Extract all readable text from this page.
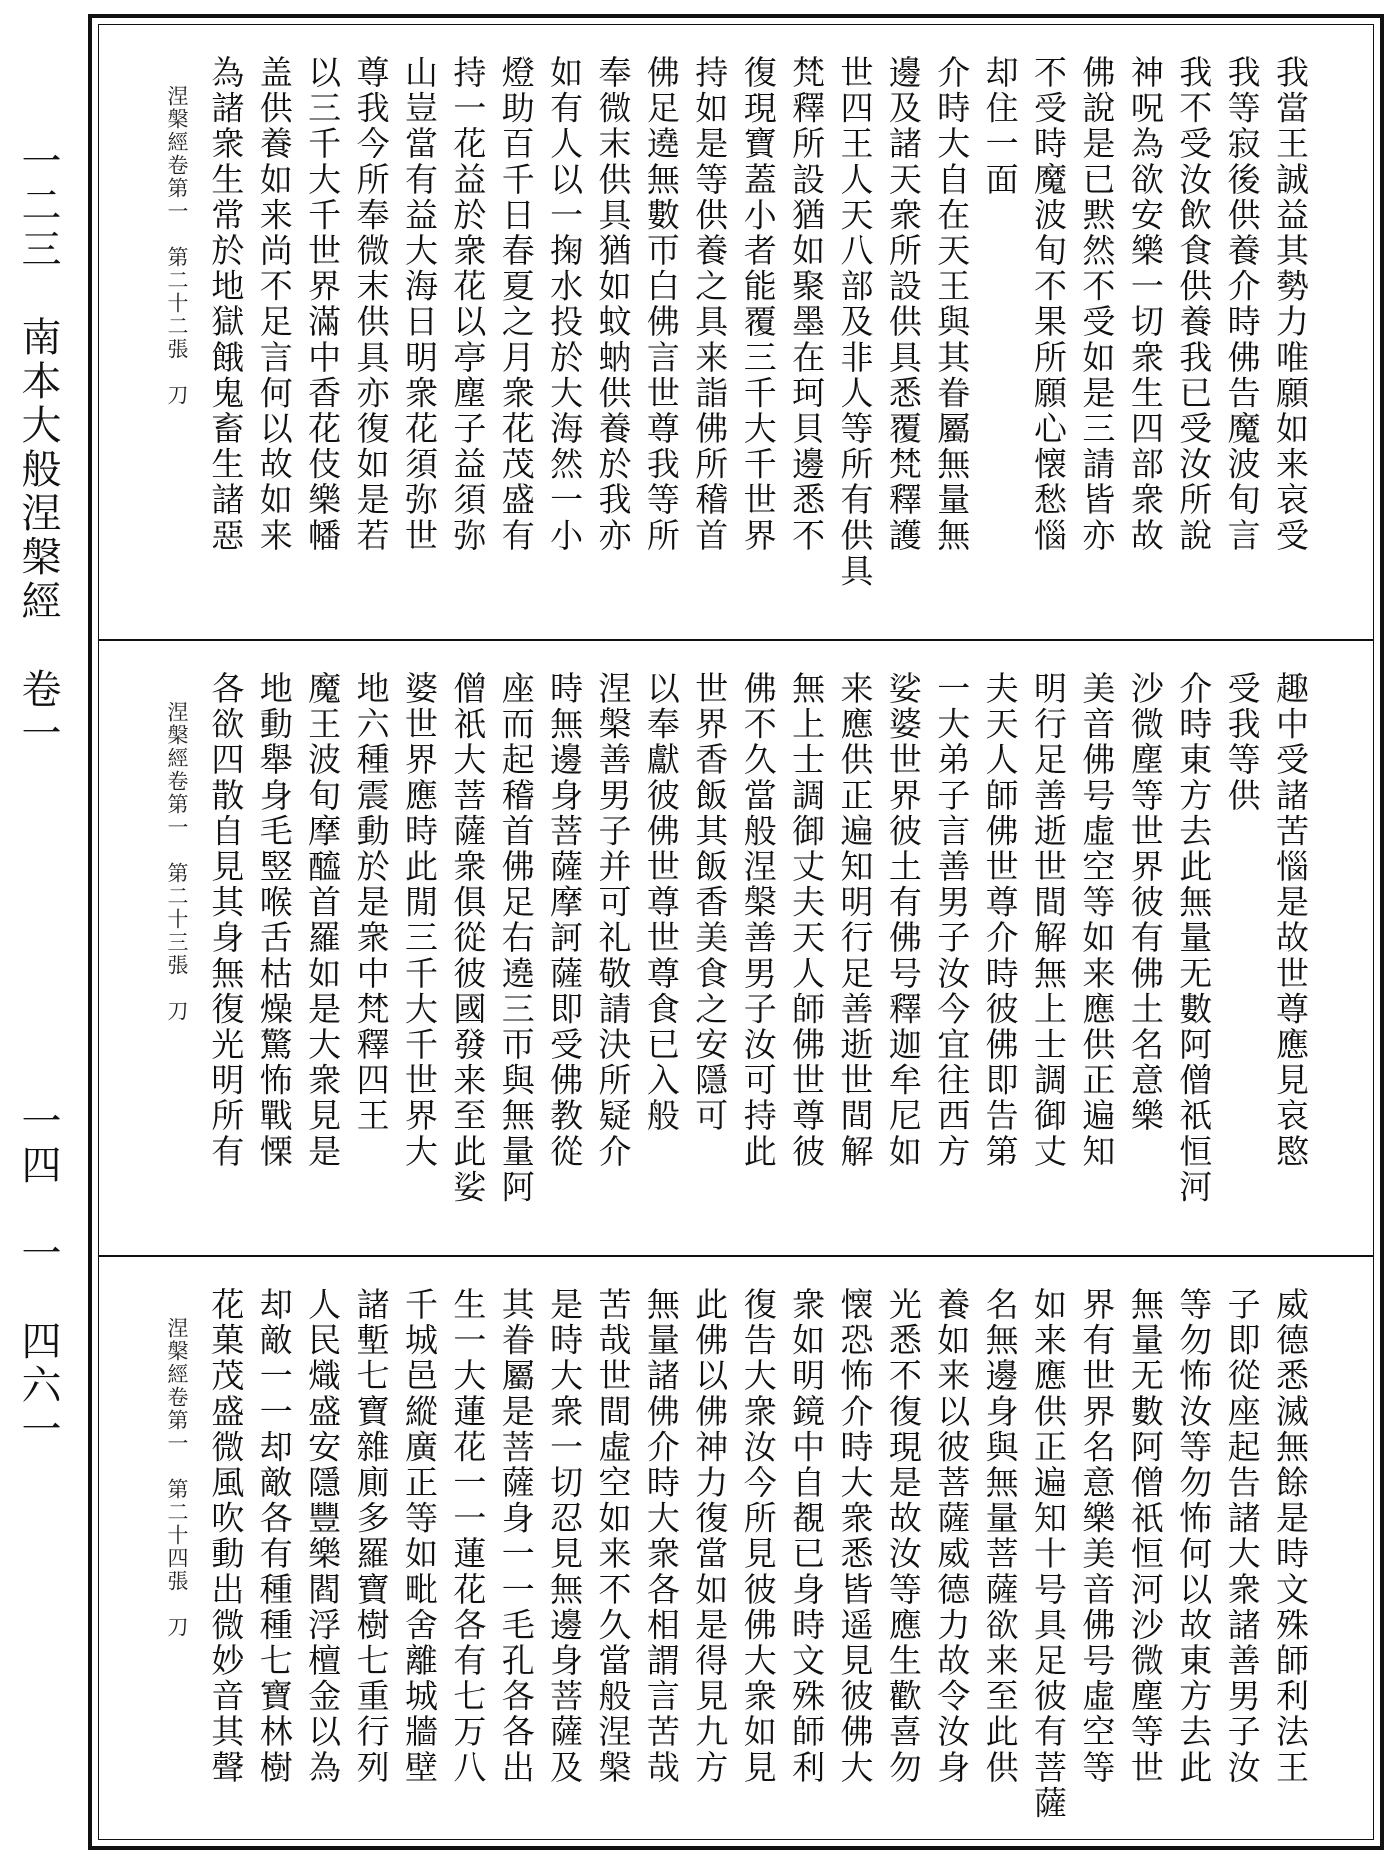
一二三　南本大般涅槃經　卷一
一四　一　四六一
我當王誠益其勢力唯願如来哀受
我等寂後供養介時佛告魔波旬言
我不受汝飲食供養我已受汝所說
神呪為欲安樂一切衆生四部衆故
佛說是已黙然不受如是三請皆亦
不受時魔波旬不果所願心懐愁惱
却住一面
介時大自在天王與其眷屬無量無
邊及諸天衆所設供具悉覆梵釋護
世四王人天八部及非人等所有供具
梵釋所設猶如聚墨在珂貝邊悉不
復現寶蓋小者能覆三千大千世界
持如是等供養之具来詣佛所稽首
佛足遶無數帀白佛言世尊我等所
奉微末供具猶如蚊蚋供養於我亦
如有人以一掬水投於大海然一小
燈助百千日春夏之月衆花茂盛有
持一花益於衆花以亭塵子益須弥
山豈當有益大海日明衆花須弥世
尊我今所奉微末供具亦復如是若
以三千大千世界滿中香花伎樂幡
盖供養如来尚不足言何以故如来
為諸衆生常於地獄餓鬼畜生諸惡
涅槃經卷第一　第二十二張　刀
趣中受諸苦惱是故世尊應見哀愍
受我等供
介時東方去此無量无數阿僧祇恒河
沙微塵等世界彼有佛土名意樂
美音佛号虛空等如来應供正遍知
明行足善逝世間解無上士調御丈
夫天人師佛世尊介時彼佛即告第
一大弟子言善男子汝今宜往西方
娑婆世界彼土有佛号釋迦牟尼如
来應供正遍知明行足善逝世間解
無上士調御丈夫天人師佛世尊彼
佛不久當般涅槃善男子汝可持此
世界香飯其飯香美食之安隱可
以奉獻彼佛世尊世尊食已入般
涅槃善男子并可礼敬請決所疑介
時無邊身菩薩摩訶薩即受佛教從
座而起稽首佛足右遶三帀與無量阿
僧祇大菩薩衆俱從彼國發来至此娑
婆世界應時此閒三千大千世界大
地六種震動於是衆中梵釋四王
魔王波旬摩醯首羅如是大衆見是
地動舉身毛竪喉舌枯燥驚怖戰慄
各欲四散自見其身無復光明所有
涅槃經卷第一　第二十三張　刀
威德悉滅無餘是時文殊師利法王
子即從座起告諸大衆諸善男子汝
等勿怖汝等勿怖何以故東方去此
無量无數阿僧祇恒河沙微塵等世
界有世界名意樂美音佛号虛空等
如来應供正遍知十号具足彼有菩薩
名無邊身與無量菩薩欲来至此供
養如来以彼菩薩威德力故令汝身
光悉不復現是故汝等應生歡喜勿
懐恐怖介時大衆悉皆遥見彼佛大
衆如明鏡中自覩已身時文殊師利
復告大衆汝今所見彼佛大衆如見
此佛以佛神力復當如是得見九方
無量諸佛介時大衆各相謂言苦哉
苦哉世間虛空如来不久當般涅槃
是時大衆一切忍見無邊身菩薩及
其眷屬是菩薩身一一毛孔各各出
生一大蓮花一一蓮花各有七万八
千城邑縱廣正等如毗舍離城牆壁
諸塹七寶雜廁多羅寶樹七重行列
人民熾盛安隱豐樂閻浮檀金以為
却敵一一却敵各有種種七寶林樹
花菓茂盛微風吹動出微妙音其聲
涅槃經卷第一　第二十四張　刀
